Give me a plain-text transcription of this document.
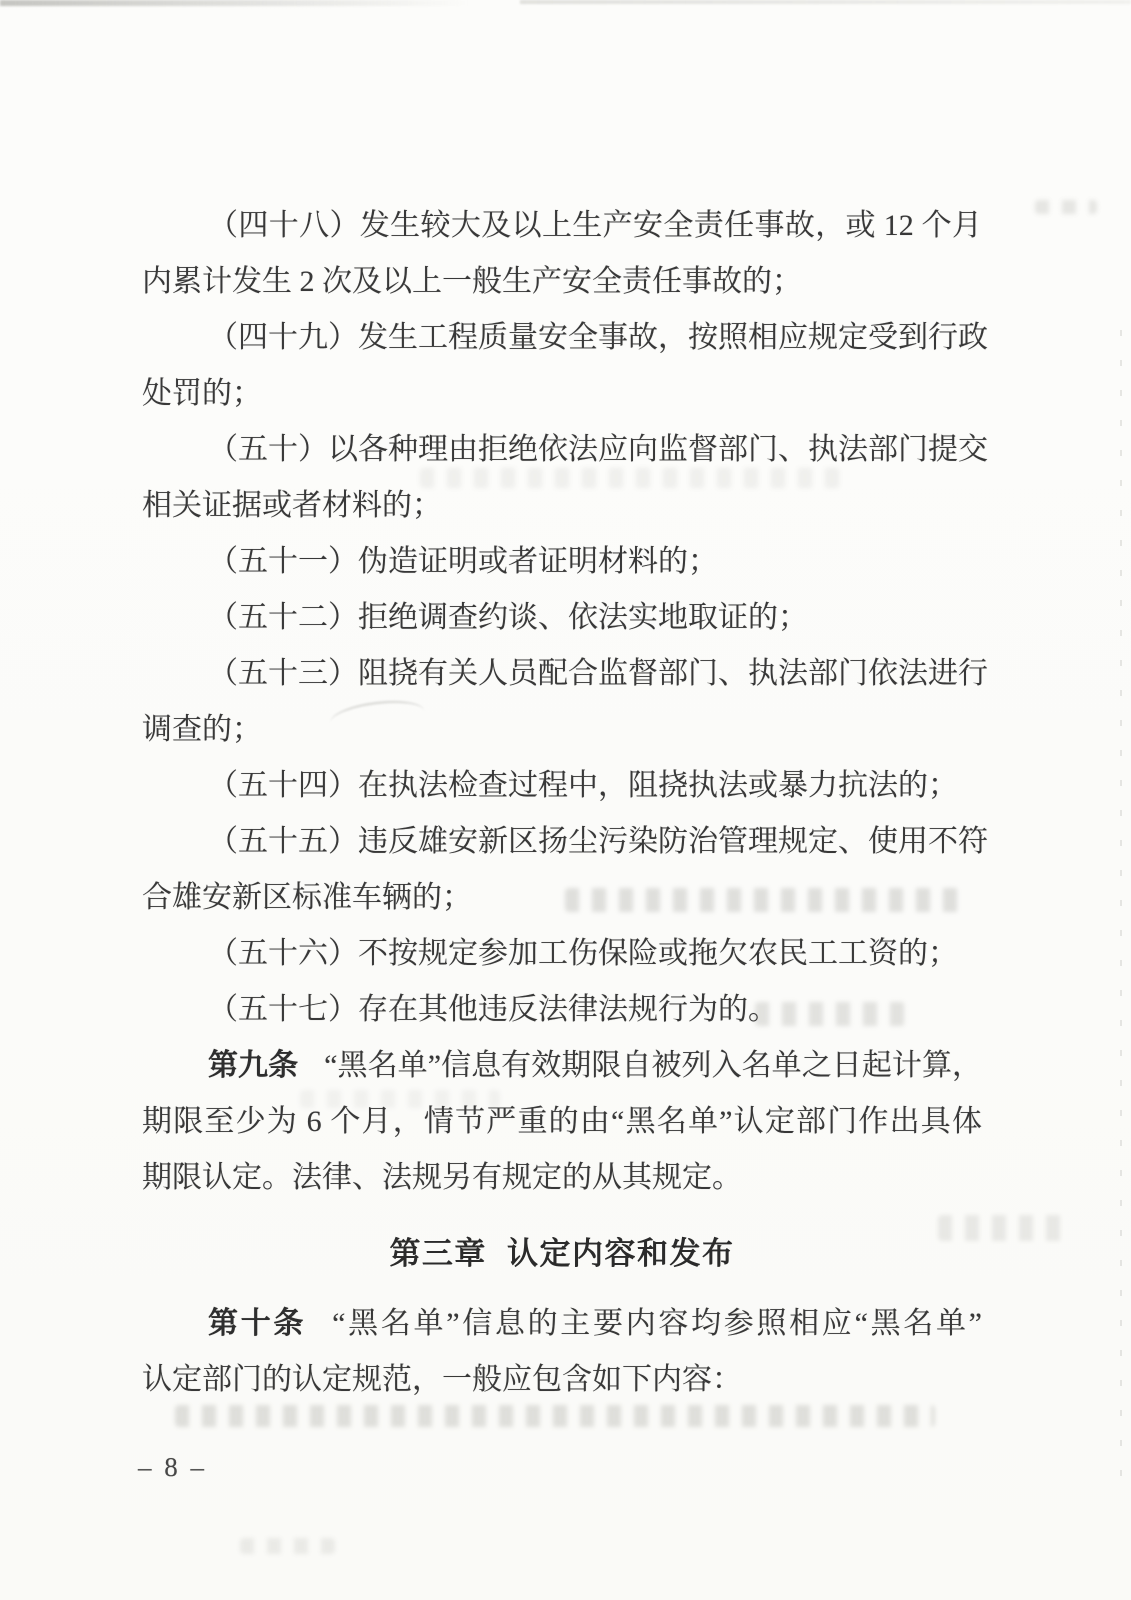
（四十八）发生较大及以上生产安全责任事故，或 12 个月
内累计发生 2 次及以上一般生产安全责任事故的；
（四十九）发生工程质量安全事故，按照相应规定受到行政
处罚的；
（五十）以各种理由拒绝依法应向监督部门、执法部门提交
相关证据或者材料的；
（五十一）伪造证明或者证明材料的；
（五十二）拒绝调查约谈、依法实地取证的；
（五十三）阻挠有关人员配合监督部门、执法部门依法进行
调查的；
（五十四）在执法检查过程中，阻挠执法或暴力抗法的；
（五十五）违反雄安新区扬尘污染防治管理规定、使用不符
合雄安新区标准车辆的；
（五十六）不按规定参加工伤保险或拖欠农民工工资的；
（五十七）存在其他违反法律法规行为的。
第九条 “黑名单”信息有效期限自被列入名单之日起计算，
期限至少为 6 个月，情节严重的由“黑名单”认定部门作出具体
期限认定。法律、法规另有规定的从其规定。
第三章 认定内容和发布
第十条 “黑名单”信息的主要内容均参照相应“黑名单”
认定部门的认定规范，一般应包含如下内容：
– 8 –
